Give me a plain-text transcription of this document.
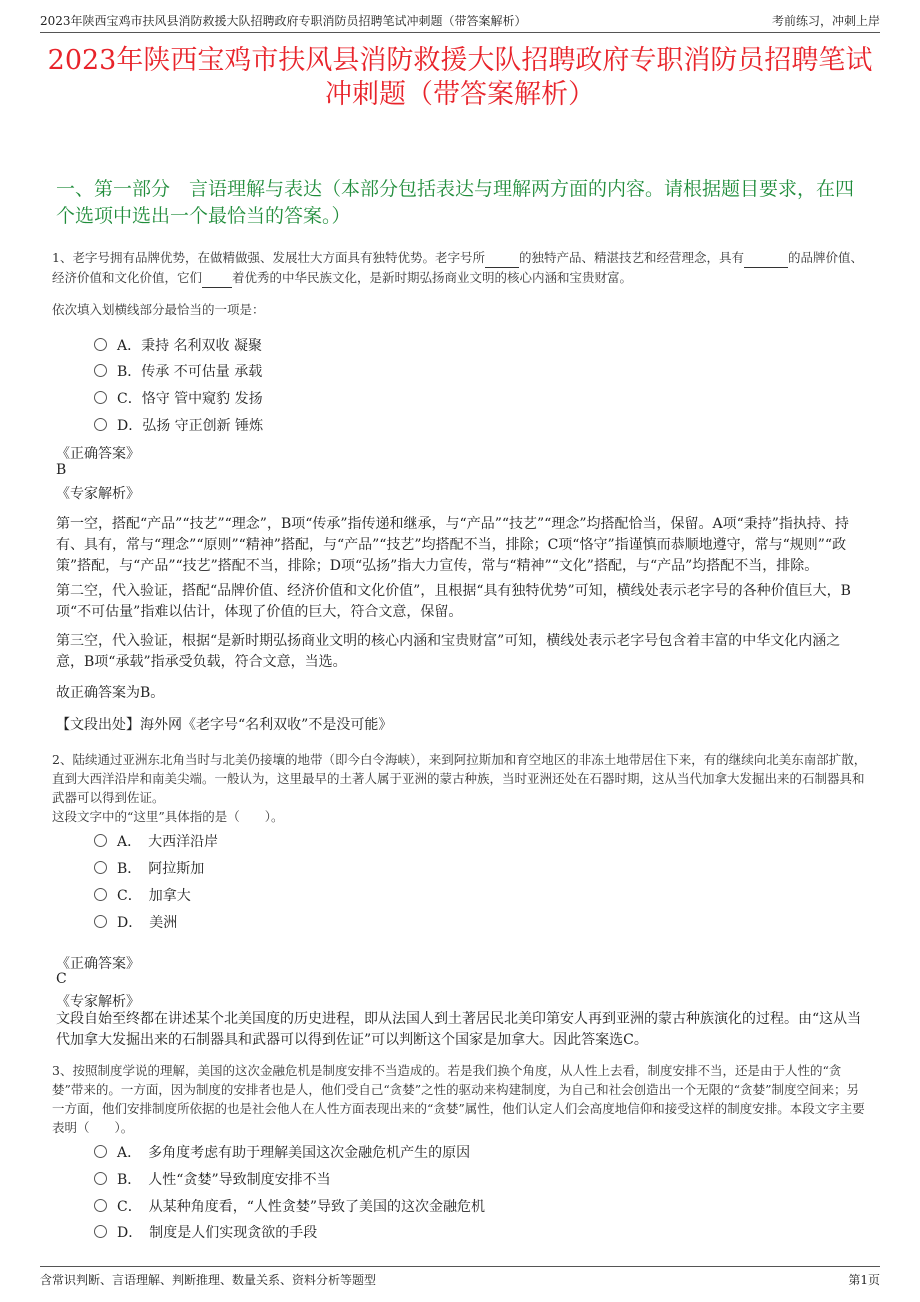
2023年陕西宝鸡市扶风县消防救援大队招聘政府专职消防员招聘笔试冲刺题（带答案解析）	考前练习，冲刺上岸
2023年陕西宝鸡市扶风县消防救援大队招聘政府专职消防员招聘笔试冲刺题（带答案解析）
一、第一部分　言语理解与表达（本部分包括表达与理解两方面的内容。请根据题目要求，在四个选项中选出一个最恰当的答案。）
1、老字号拥有品牌优势，在做精做强、发展壮大方面具有独特优势。老字号所	的独特产品、精湛技艺和经营理念，具有	的品牌价值、经济价值和文化价值，它们 着优秀的中华民族文化，是新时期弘扬商业文明的核心内涵和宝贵财富。
依次填入划横线部分最恰当的一项是：
A．秉持 名利双收 凝聚
B．传承 不可估量 承载
C．恪守 管中窥豹 发扬
D．弘扬 守正创新 锤炼
《正确答案》
B
《专家解析》
第一空，搭配“产品”“技艺”“理念”，B项“传承”指传递和继承，与“产品”“技艺”“理念”均搭配恰当，保留。A项“秉持”指执持、持有、具有，常与“理念”“原则”“精神”搭配，与“产品”“技艺”均搭配不当，排除；C项“恪守”指谨慎而恭顺地遵守，常与“规则”“政策”搭配，与“产品”“技艺”搭配不当，排除；D项“弘扬”指大力宣传，常与“精神”“文化”搭配，与“产品”均搭配不当，排除。
第二空，代入验证，搭配“品牌价值、经济价值和文化价值”，且根据“具有独特优势”可知，横线处表示老字号的各种价值巨大，B项“不可估量”指难以估计，体现了价值的巨大，符合文意，保留。
第三空，代入验证，根据“是新时期弘扬商业文明的核心内涵和宝贵财富”可知，横线处表示老字号包含着丰富的中华文化内涵之意，B项“承载”指承受负载，符合文意，当选。
故正确答案为B。
【文段出处】海外网《老字号“名利双收”不是没可能》
2、陆续通过亚洲东北角当时与北美仍接壤的地带（即今白令海峡），来到阿拉斯加和育空地区的非冻土地带居住下来，有的继续向北美东南部扩散，直到大西洋沿岸和南美尖端。一般认为，这里最早的土著人属于亚洲的蒙古种族，当时亚洲还处在石器时期，这从当代加拿大发掘出来的石制器具和武器可以得到佐证。
这段文字中的“这里”具体指的是（　　）。
A．　大西洋沿岸
B．　阿拉斯加
C．　加拿大
D．　美洲
《正确答案》
C
《专家解析》
文段自始至终都在讲述某个北美国度的历史进程，即从法国人到土著居民北美印第安人再到亚洲的蒙古种族演化的过程。由“这从当代加拿大发掘出来的石制器具和武器可以得到佐证”可以判断这个国家是加拿大。因此答案选C。
3、按照制度学说的理解，美国的这次金融危机是制度安排不当造成的。若是我们换个角度，从人性上去看，制度安排不当，还是由于人性的“贪婪”带来的。一方面，因为制度的安排者也是人，他们受自己“贪婪”之性的驱动来构建制度，为自己和社会创造出一个无限的“贪婪”制度空间来；另一方面，他们安排制度所依据的也是社会他人在人性方面表现出来的“贪婪”属性，他们认定人们会高度地信仰和接受这样的制度安排。本段文字主要表明（　　）。
A．　多角度考虑有助于理解美国这次金融危机产生的原因
B．　人性“贪婪”导致制度安排不当
C．　从某种角度看，“人性贪婪”导致了美国的这次金融危机
D．　制度是人们实现贪欲的手段
含常识判断、言语理解、判断推理、数量关系、资料分析等题型	第1页
